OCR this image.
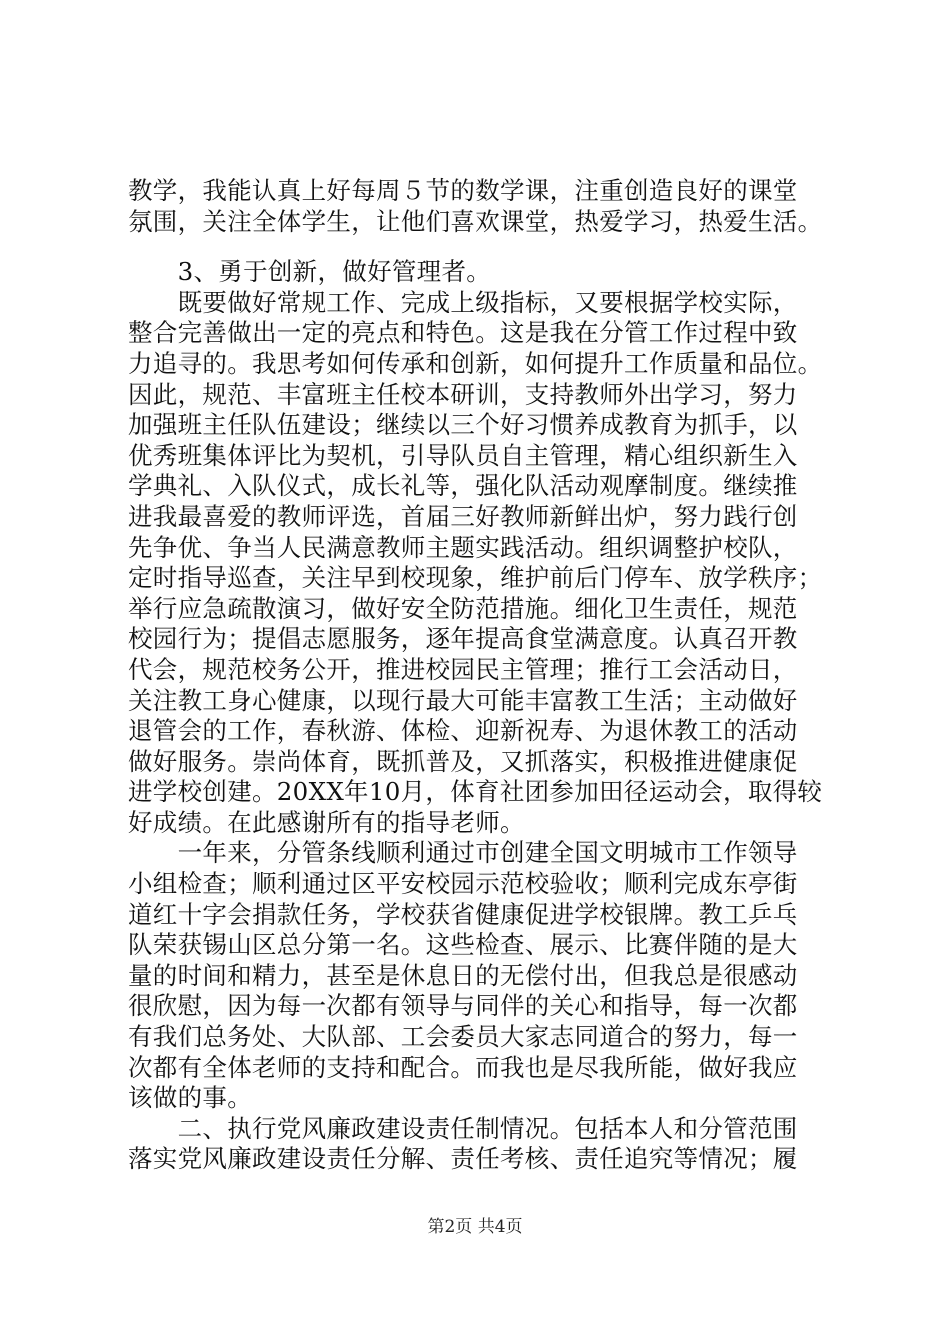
教学，我能认真上好每周５节的数学课，注重创造良好的课堂
氛围，关注全体学生，让他们喜欢课堂，热爱学习，热爱生活。
　　3、勇于创新，做好管理者。
　　既要做好常规工作、完成上级指标，又要根据学校实际，
整合完善做出一定的亮点和特色。这是我在分管工作过程中致
力追寻的。我思考如何传承和创新，如何提升工作质量和品位。
因此，规范、丰富班主任校本研训，支持教师外出学习，努力
加强班主任队伍建设；继续以三个好习惯养成教育为抓手，以
优秀班集体评比为契机，引导队员自主管理，精心组织新生入
学典礼、入队仪式，成长礼等，强化队活动观摩制度。继续推
进我最喜爱的教师评选，首届三好教师新鲜出炉，努力践行创
先争优、争当人民满意教师主题实践活动。组织调整护校队，
定时指导巡查，关注早到校现象，维护前后门停车、放学秩序；
举行应急疏散演习，做好安全防范措施。细化卫生责任，规范
校园行为；提倡志愿服务，逐年提高食堂满意度。认真召开教
代会，规范校务公开，推进校园民主管理；推行工会活动日，
关注教工身心健康，以现行最大可能丰富教工生活；主动做好
退管会的工作，春秋游、体检、迎新祝寿、为退休教工的活动
做好服务。崇尚体育，既抓普及，又抓落实，积极推进健康促
进学校创建。20XX年10月，体育社团参加田径运动会，取得较
好成绩。在此感谢所有的指导老师。
　　一年来，分管条线顺利通过市创建全国文明城市工作领导
小组检查；顺利通过区平安校园示范校验收；顺利完成东亭街
道红十字会捐款任务，学校获省健康促进学校银牌。教工乒乓
队荣获锡山区总分第一名。这些检查、展示、比赛伴随的是大
量的时间和精力，甚至是休息日的无偿付出，但我总是很感动
很欣慰，因为每一次都有领导与同伴的关心和指导，每一次都
有我们总务处、大队部、工会委员大家志同道合的努力，每一
次都有全体老师的支持和配合。而我也是尽我所能，做好我应
该做的事。
　　二、执行党风廉政建设责任制情况。包括本人和分管范围
落实党风廉政建设责任分解、责任考核、责任追究等情况；履
第2页 共4页
